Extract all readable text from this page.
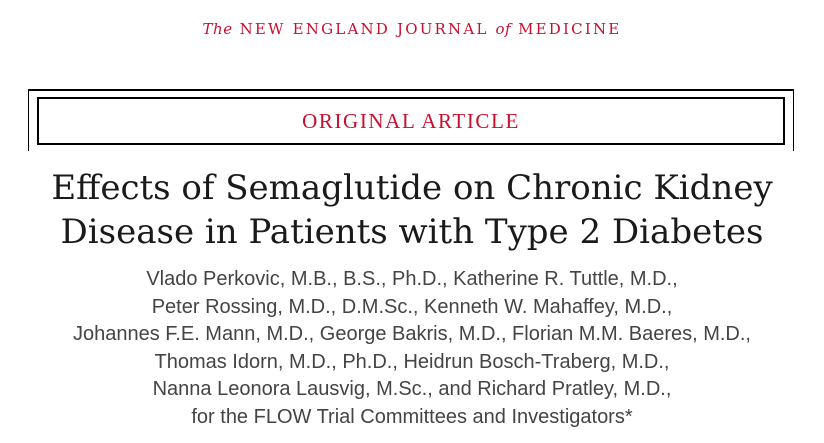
The NEW ENGLAND JOURNAL of MEDICINE
ORIGINAL ARTICLE
Effects of Semaglutide on Chronic Kidney
Disease in Patients with Type 2 Diabetes
Vlado Perkovic, M.B., B.S., Ph.D., Katherine R. Tuttle, M.D.,
Peter Rossing, M.D., D.M.Sc., Kenneth W. Mahaffey, M.D.,
Johannes F.E. Mann, M.D., George Bakris, M.D., Florian M.M. Baeres, M.D.,
Thomas Idorn, M.D., Ph.D., Heidrun Bosch-Traberg, M.D.,
Nanna Leonora Lausvig, M.Sc., and Richard Pratley, M.D.,
for the FLOW Trial Committees and Investigators*
